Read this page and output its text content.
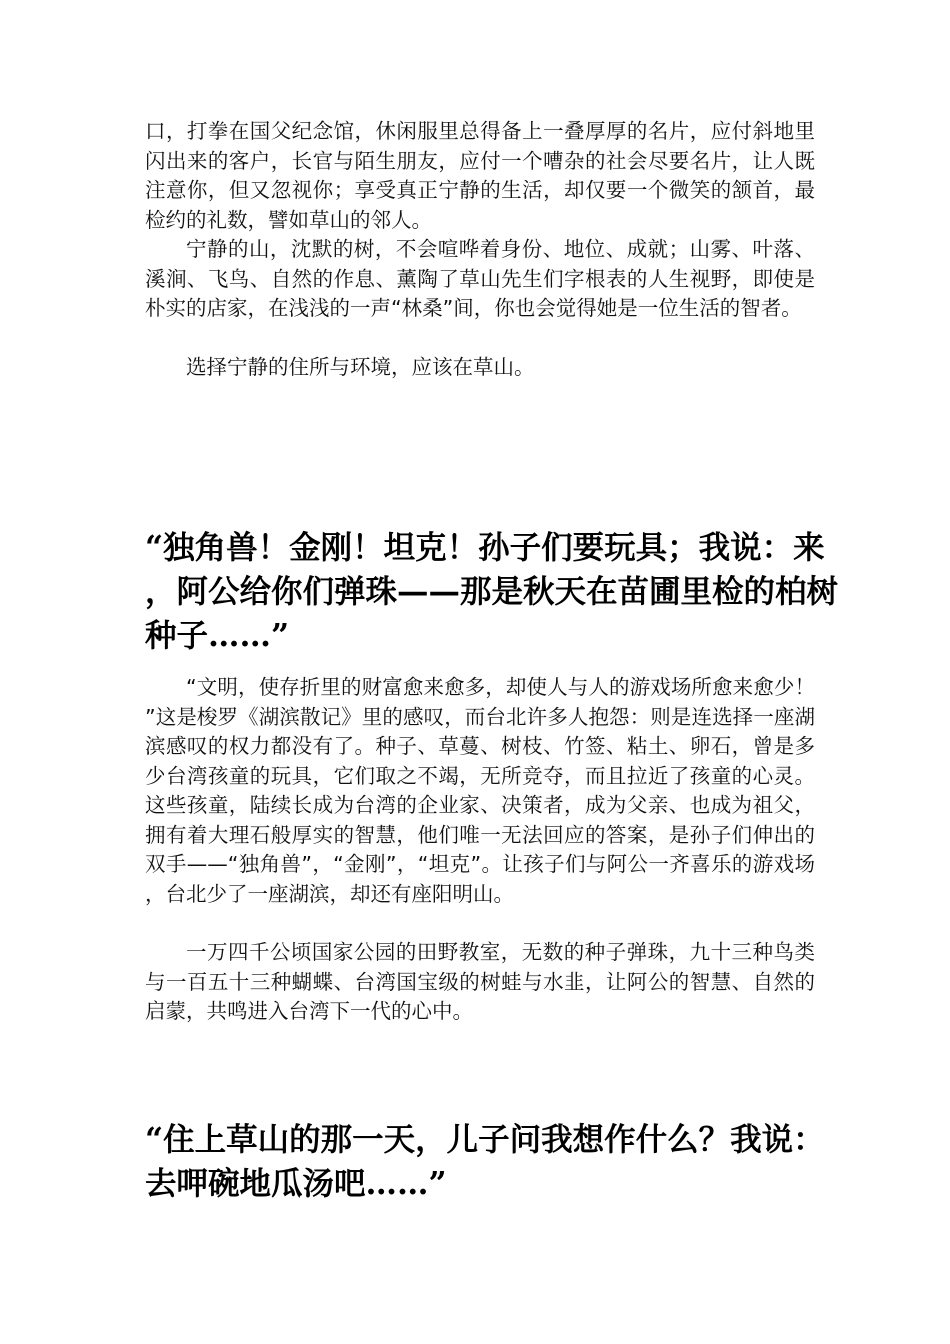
口，打拳在国父纪念馆，休闲服里总得备上一叠厚厚的名片，应付斜地里闪出来的客户，长官与陌生朋友，应付一个嘈杂的社会尽要名片，让人既注意你，但又忽视你；享受真正宁静的生活，却仅要一个微笑的颔首，最检约的礼数，譬如草山的邻人。

宁静的山，沈默的树，不会喧哗着身份、地位、成就；山雾、叶落、溪涧、飞鸟、自然的作息、薰陶了草山先生们字根表的人生视野，即使是朴实的店家，在浅浅的一声“林桑”间，你也会觉得她是一位生活的智者。

选择宁静的住所与环境，应该在草山。

“独角兽！金刚！坦克！孙子们要玩具；我说：来，阿公给你们弹珠——那是秋天在苗圃里检的柏树种子……”

“文明，使存折里的财富愈来愈多，却使人与人的游戏场所愈来愈少！”这是梭罗《湖滨散记》里的感叹，而台北许多人抱怨：则是连选择一座湖滨感叹的权力都没有了。种子、草蔓、树枝、竹签、粘土、卵石，曾是多少台湾孩童的玩具，它们取之不竭，无所竞夺，而且拉近了孩童的心灵。这些孩童，陆续长成为台湾的企业家、决策者，成为父亲、也成为祖父，拥有着大理石般厚实的智慧，他们唯一无法回应的答案，是孙子们伸出的双手——“独角兽”，“金刚”，“坦克”。让孩子们与阿公一齐喜乐的游戏场，台北少了一座湖滨，却还有座阳明山。

一万四千公顷国家公园的田野教室，无数的种子弹珠，九十三种鸟类与一百五十三种蝴蝶、台湾国宝级的树蛙与水韭，让阿公的智慧、自然的启蒙，共鸣进入台湾下一代的心中。

“住上草山的那一天，儿子问我想作什么？我说：去呷碗地瓜汤吧……”
